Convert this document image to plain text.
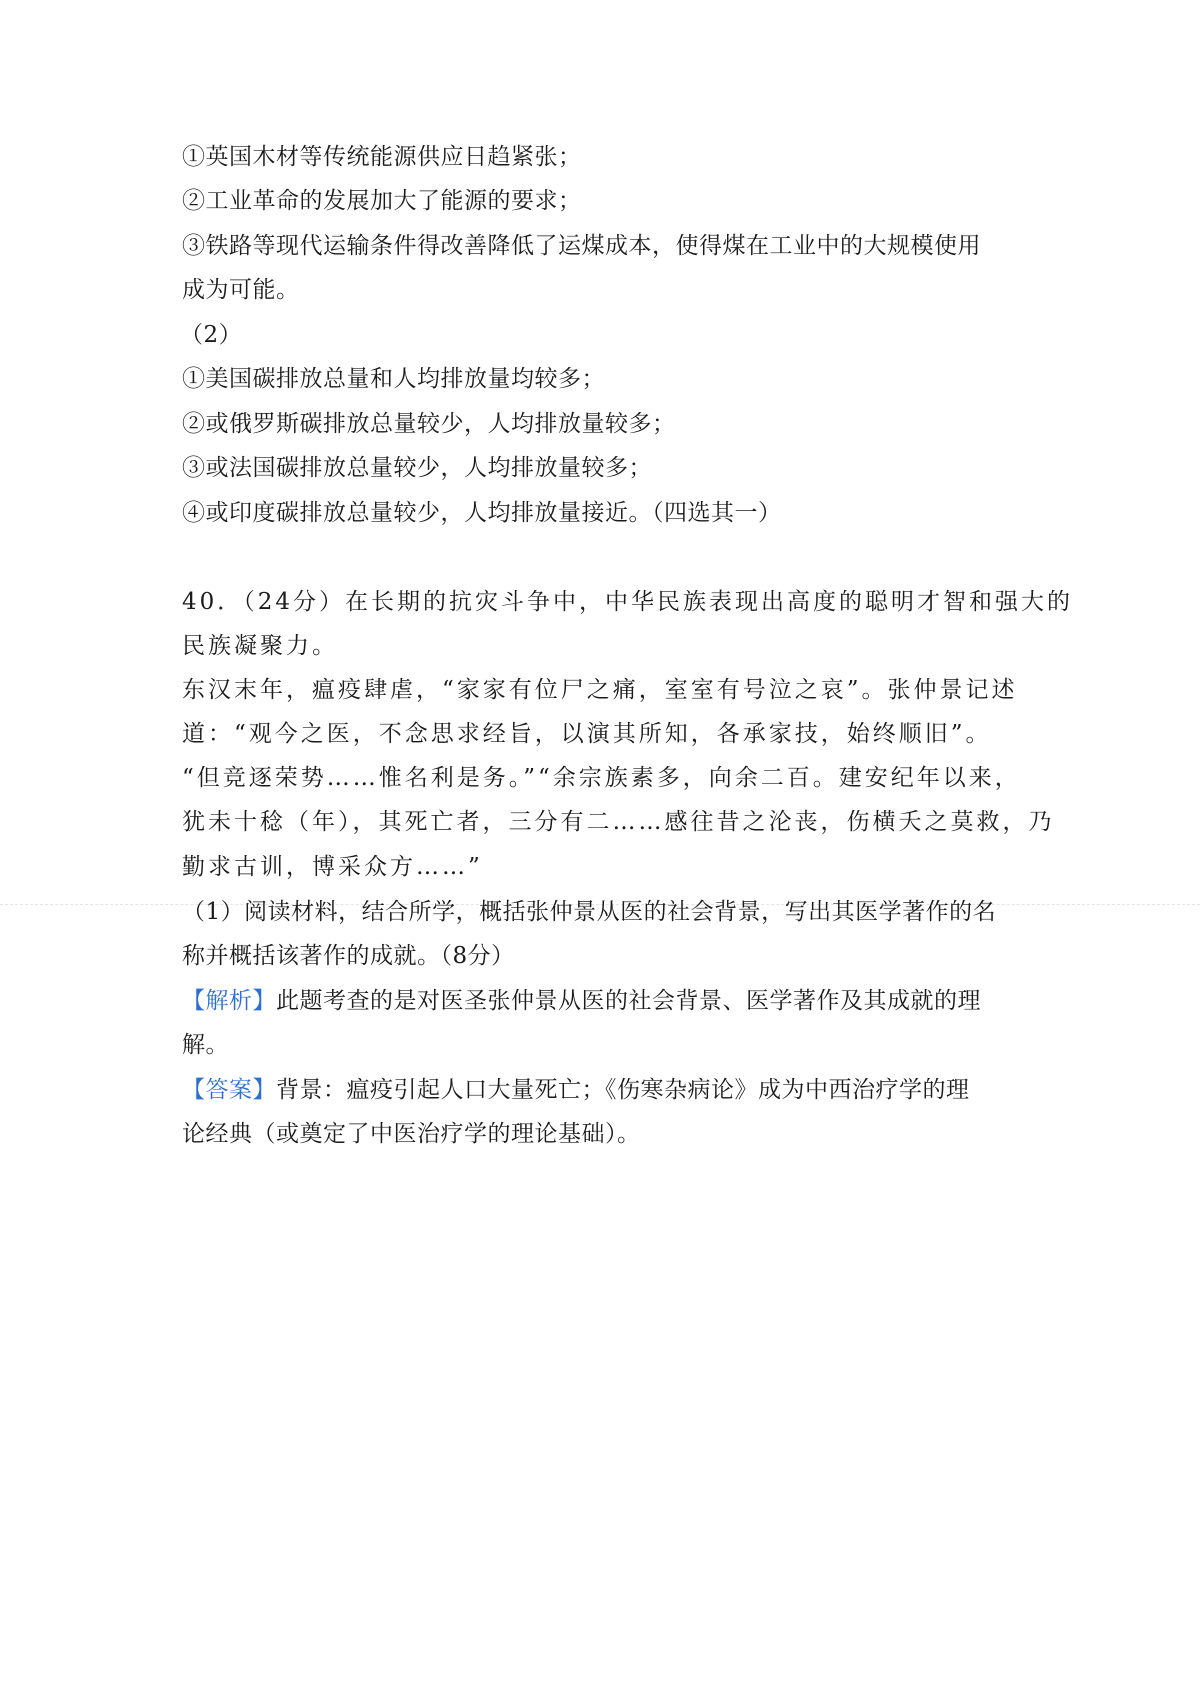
①英国木材等传统能源供应日趋紧张；
②工业革命的发展加大了能源的要求；
③铁路等现代运输条件得改善降低了运煤成本，使得煤在工业中的大规模使用
成为可能。
（2）
①美国碳排放总量和人均排放量均较多；
②或俄罗斯碳排放总量较少，人均排放量较多；
③或法国碳排放总量较少，人均排放量较多；
④或印度碳排放总量较少，人均排放量接近。（四选其一）
40．（24分）在长期的抗灾斗争中，中华民族表现出高度的聪明才智和强大的
民族凝聚力。
东汉末年，瘟疫肆虐，“家家有位尸之痛，室室有号泣之哀”。张仲景记述
道：“观今之医，不念思求经旨，以演其所知，各承家技，始终顺旧”。
“但竞逐荣势……惟名利是务。”“余宗族素多，向余二百。建安纪年以来，
犹未十稔（年），其死亡者，三分有二……感往昔之沦丧，伤横夭之莫救，乃
勤求古训，博采众方……”
（1）阅读材料，结合所学，概括张仲景从医的社会背景，写出其医学著作的名
称并概括该著作的成就。（8分）
【解析】此题考查的是对医圣张仲景从医的社会背景、医学著作及其成就的理
解。
【答案】背景：瘟疫引起人口大量死亡；《伤寒杂病论》成为中西治疗学的理
论经典（或奠定了中医治疗学的理论基础）。
